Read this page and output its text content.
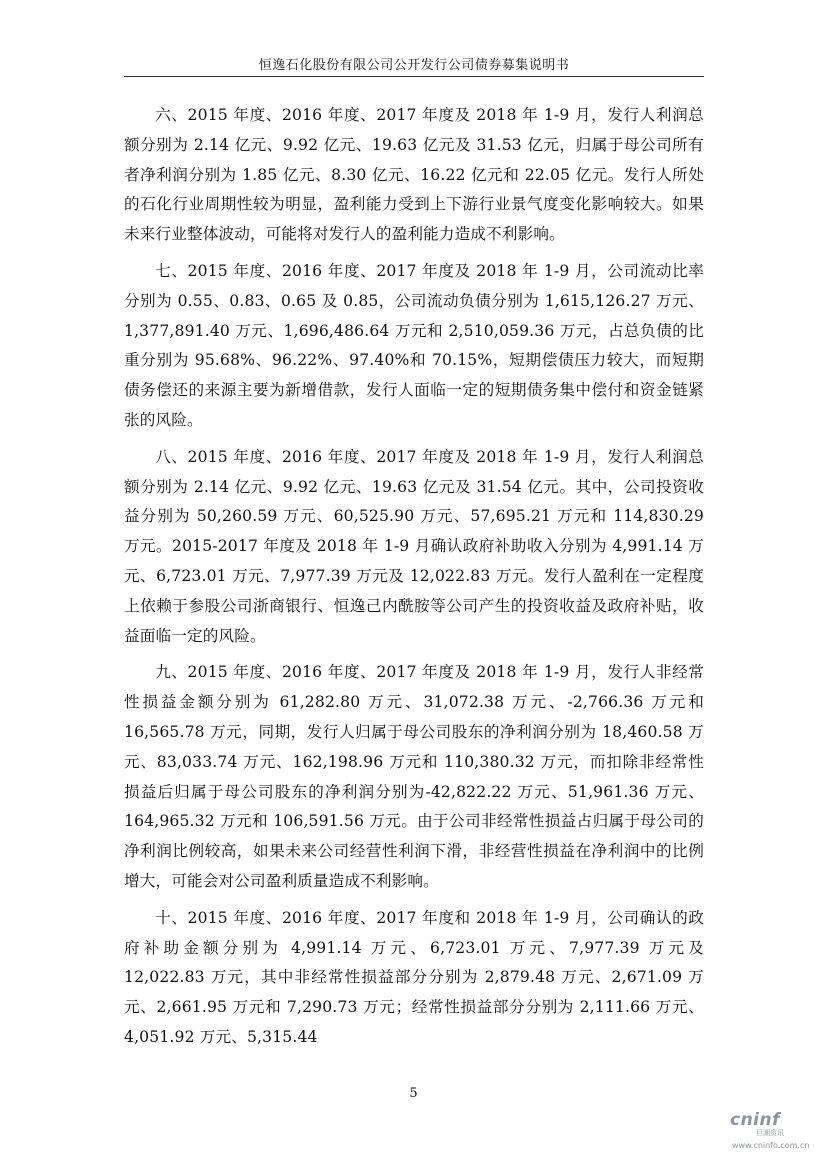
恒逸石化股份有限公司公开发行公司债券募集说明书

六、2015 年度、2016 年度、2017 年度及 2018 年 1-9 月，发行人利润总额分别为 2.14 亿元、9.92 亿元、19.63 亿元及 31.53 亿元，归属于母公司所有者净利润分别为 1.85 亿元、8.30 亿元、16.22 亿元和 22.05 亿元。发行人所处的石化行业周期性较为明显，盈利能力受到上下游行业景气度变化影响较大。如果未来行业整体波动，可能将对发行人的盈利能力造成不利影响。

七、2015 年度、2016 年度、2017 年度及 2018 年 1-9 月，公司流动比率分别为 0.55、0.83、0.65 及 0.85，公司流动负债分别为 1,615,126.27 万元、1,377,891.40 万元、1,696,486.64 万元和 2,510,059.36 万元，占总负债的比重分别为 95.68%、96.22%、97.40%和 70.15%，短期偿债压力较大，而短期债务偿还的来源主要为新增借款，发行人面临一定的短期债务集中偿付和资金链紧张的风险。

八、2015 年度、2016 年度、2017 年度及 2018 年 1-9 月，发行人利润总额分别为 2.14 亿元、9.92 亿元、19.63 亿元及 31.54 亿元。其中，公司投资收益分别为 50,260.59 万元、60,525.90 万元、57,695.21 万元和 114,830.29 万元。2015-2017 年度及 2018 年 1-9 月确认政府补助收入分别为 4,991.14 万元、6,723.01 万元、7,977.39 万元及 12,022.83 万元。发行人盈利在一定程度上依赖于参股公司浙商银行、恒逸己内酰胺等公司产生的投资收益及政府补贴，收益面临一定的风险。

九、2015 年度、2016 年度、2017 年度及 2018 年 1-9 月，发行人非经常性损益金额分别为 61,282.80 万元、31,072.38 万元、-2,766.36 万元和 16,565.78 万元，同期，发行人归属于母公司股东的净利润分别为 18,460.58 万元、83,033.74 万元、162,198.96 万元和 110,380.32 万元，而扣除非经常性损益后归属于母公司股东的净利润分别为-42,822.22 万元、51,961.36 万元、164,965.32 万元和 106,591.56 万元。由于公司非经常性损益占归属于母公司的净利润比例较高，如果未来公司经营性利润下滑，非经营性损益在净利润中的比例增大，可能会对公司盈利质量造成不利影响。

十、2015 年度、2016 年度、2017 年度和 2018 年 1-9 月，公司确认的政府补助金额分别为 4,991.14 万元、6,723.01 万元、7,977.39 万元及 12,022.83 万元，其中非经常性损益部分分别为 2,879.48 万元、2,671.09 万元、2,661.95 万元和 7,290.73 万元；经常性损益部分分别为 2,111.66 万元、4,051.92 万元、5,315.44

5
cninf
巨潮资讯
www.cninfo.com.cn
